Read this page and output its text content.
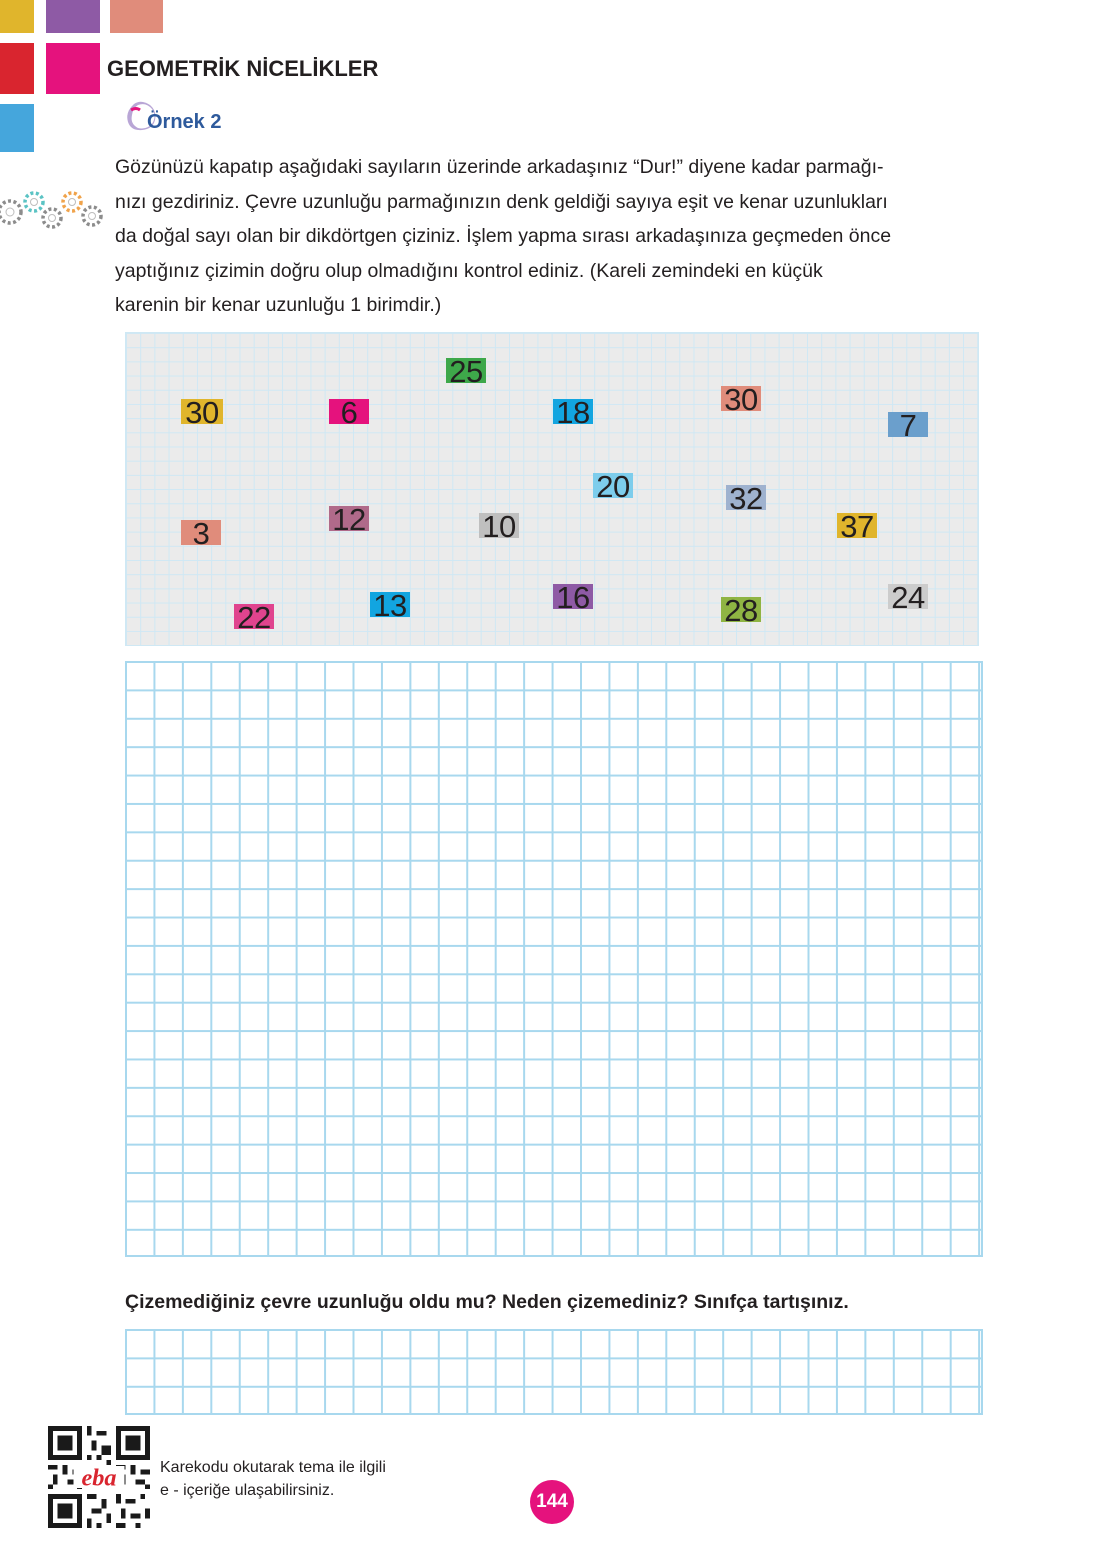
GEOMETRİK NİCELİKLER
Örnek 2
Gözünüzü kapatıp aşağıdaki sayıların üzerinde arkadaşınız “Dur!” diyene kadar parmağı-
nızı gezdiriniz. Çevre uzunluğu parmağınızın denk geldiği sayıya eşit ve kenar uzunlukları
da doğal sayı olan bir dikdörtgen çiziniz. İşlem yapma sırası arkadaşınıza geçmeden önce
yaptığınız çizimin doğru olup olmadığını kontrol ediniz. (Kareli zemindeki en küçük
karenin bir kenar uzunluğu 1 birimdir.)
25
30	6	18	30
7
20	32
3	12	10	37
22	13	16	28	24
Çizemediğiniz çevre uzunluğu oldu mu? Neden çizemediniz? Sınıfça tartışınız.
eba	Karekodu okutarak tema ile ilgili
e - içeriğe ulaşabilirsiniz.
144
